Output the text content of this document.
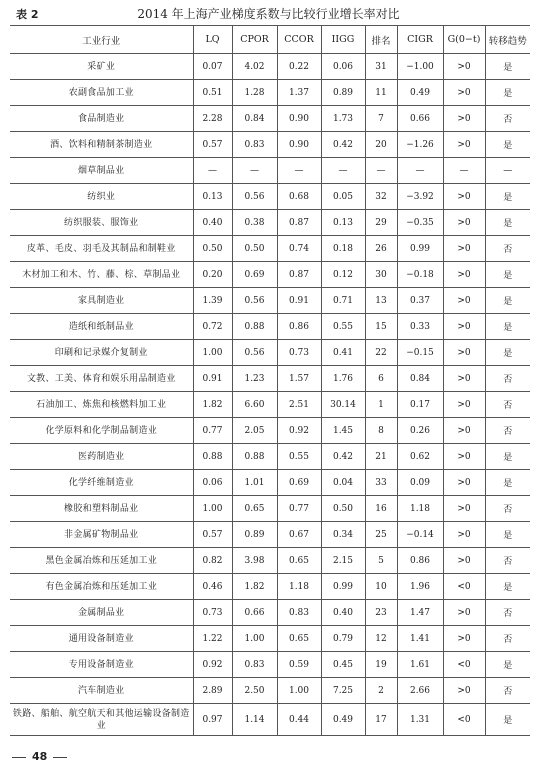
表 2	2014 年上海产业梯度系数与比较行业增长率对比
工业行业	LQ	CPOR	CCOR	IIGG	排名	CIGR	G(0−t)	转移趋势
采矿业	0.07	4.02	0.22	0.06	31	−1.00	>0	是
农副食品加工业	0.51	1.28	1.37	0.89	11	0.49	>0	是
食品制造业	2.28	0.84	0.90	1.73	7	0.66	>0	否
酒、饮料和精制茶制造业	0.57	0.83	0.90	0.42	20	−1.26	>0	是
烟草制品业	—	—	—	—	—	—	—	—
纺织业	0.13	0.56	0.68	0.05	32	−3.92	>0	是
纺织服装、服饰业	0.40	0.38	0.87	0.13	29	−0.35	>0	是
皮革、毛皮、羽毛及其制品和制鞋业	0.50	0.50	0.74	0.18	26	0.99	>0	否
木材加工和木、竹、藤、棕、草制品业	0.20	0.69	0.87	0.12	30	−0.18	>0	是
家具制造业	1.39	0.56	0.91	0.71	13	0.37	>0	是
造纸和纸制品业	0.72	0.88	0.86	0.55	15	0.33	>0	是
印刷和记录媒介复制业	1.00	0.56	0.73	0.41	22	−0.15	>0	是
文教、工美、体育和娱乐用品制造业	0.91	1.23	1.57	1.76	6	0.84	>0	否
石油加工、炼焦和核燃料加工业	1.82	6.60	2.51	30.14	1	0.17	>0	否
化学原料和化学制品制造业	0.77	2.05	0.92	1.45	8	0.26	>0	否
医药制造业	0.88	0.88	0.55	0.42	21	0.62	>0	是
化学纤维制造业	0.06	1.01	0.69	0.04	33	0.09	>0	是
橡胶和塑料制品业	1.00	0.65	0.77	0.50	16	1.18	>0	否
非金属矿物制品业	0.57	0.89	0.67	0.34	25	−0.14	>0	是
黑色金属冶炼和压延加工业	0.82	3.98	0.65	2.15	5	0.86	>0	否
有色金属冶炼和压延加工业	0.46	1.82	1.18	0.99	10	1.96	<0	是
金属制品业	0.73	0.66	0.83	0.40	23	1.47	>0	否
通用设备制造业	1.22	1.00	0.65	0.79	12	1.41	>0	否
专用设备制造业	0.92	0.83	0.59	0.45	19	1.61	<0	是
汽车制造业	2.89	2.50	1.00	7.25	2	2.66	>0	否
铁路、船舶、航空航天和其他运输设备制造业	0.97	1.14	0.44	0.49	17	1.31	<0	是
48
